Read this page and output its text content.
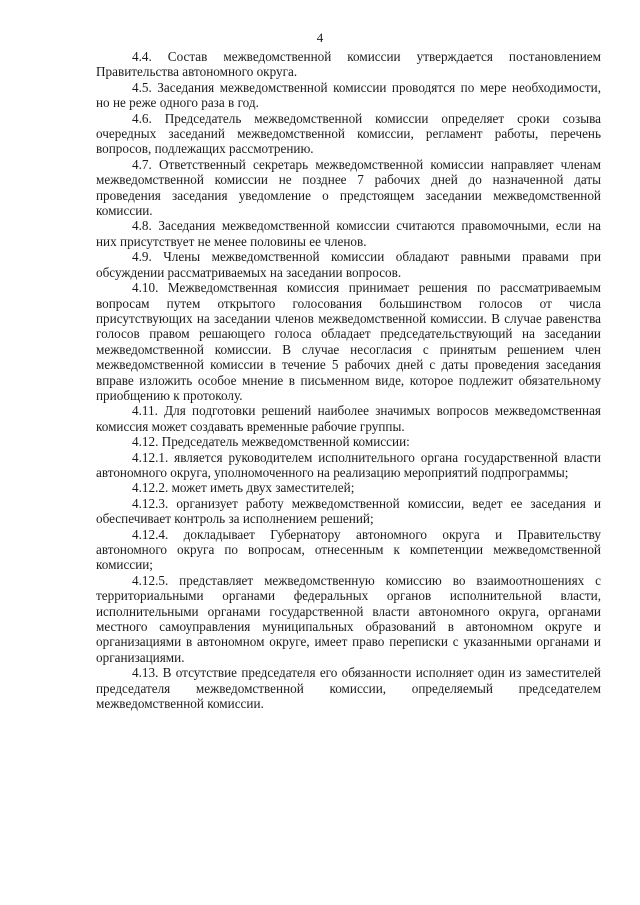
4

4.4. Состав межведомственной комиссии утверждается постановлением Правительства автономного округа.

4.5. Заседания межведомственной комиссии проводятся по мере необходимости, но не реже одного раза в год.

4.6. Председатель межведомственной комиссии определяет сроки созыва очередных заседаний межведомственной комиссии, регламент работы, перечень вопросов, подлежащих рассмотрению.

4.7. Ответственный секретарь межведомственной комиссии направляет членам межведомственной комиссии не позднее 7 рабочих дней до назначенной даты проведения заседания уведомление о предстоящем заседании межведомственной комиссии.

4.8. Заседания межведомственной комиссии считаются правомочными, если на них присутствует не менее половины ее членов.

4.9. Члены межведомственной комиссии обладают равными правами при обсуждении рассматриваемых на заседании вопросов.

4.10. Межведомственная комиссия принимает решения по рассматриваемым вопросам путем открытого голосования большинством голосов от числа присутствующих на заседании членов межведомственной комиссии. В случае равенства голосов правом решающего голоса обладает председательствующий на заседании межведомственной комиссии. В случае несогласия с принятым решением член межведомственной комиссии в течение 5 рабочих дней с даты проведения заседания вправе изложить особое мнение в письменном виде, которое подлежит обязательному приобщению к протоколу.

4.11. Для подготовки решений наиболее значимых вопросов межведомственная комиссия может создавать временные рабочие группы.

4.12. Председатель межведомственной комиссии:

4.12.1. является руководителем исполнительного органа государственной власти автономного округа, уполномоченного на реализацию мероприятий подпрограммы;

4.12.2. может иметь двух заместителей;

4.12.3. организует работу межведомственной комиссии, ведет ее заседания и обеспечивает контроль за исполнением решений;

4.12.4. докладывает Губернатору автономного округа и Правительству автономного округа по вопросам, отнесенным к компетенции межведомственной комиссии;

4.12.5. представляет межведомственную комиссию во взаимоотношениях с территориальными органами федеральных органов исполнительной власти, исполнительными органами государственной власти автономного округа, органами местного самоуправления муниципальных образований в автономном округе и организациями в автономном округе, имеет право переписки с указанными органами и организациями.

4.13. В отсутствие председателя его обязанности исполняет один из заместителей председателя межведомственной комиссии, определяемый председателем межведомственной комиссии.
